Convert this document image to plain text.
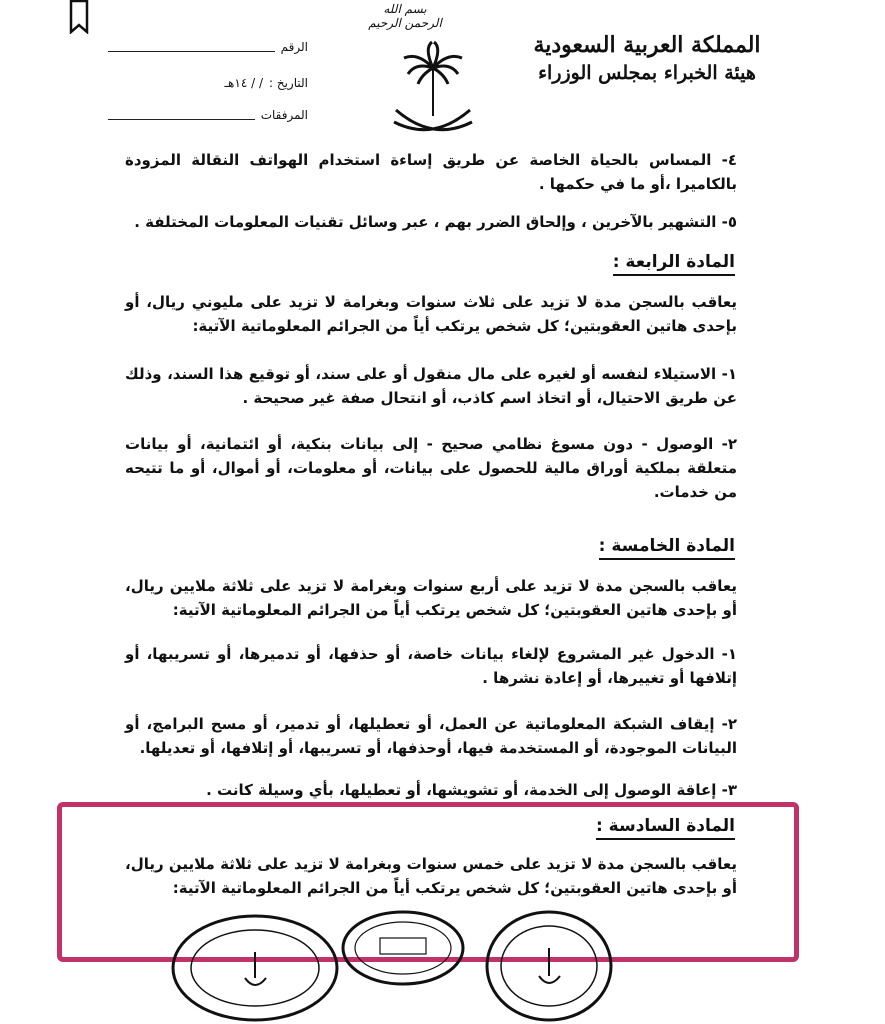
بسم الله الرحمن الرحيم
المملكة العربية السعودية
هيئة الخبراء بمجلس الوزراء
الرقم
التاريخ :
/ / ١٤هـ
المرفقات
٤- المساس بالحياة الخاصة عن طريق إساءة استخدام الهواتف النقالة المزودة بالكاميرا ،أو ما في حكمها .
٥- التشهير بالآخرين ، وإلحاق الضرر بهم ، عبر وسائل تقنيات المعلومات المختلفة .
المادة الرابعة :
يعاقب بالسجن مدة لا تزيد على ثلاث سنوات وبغرامة لا تزيد على مليوني ريال، أو بإحدى هاتين العقوبتين؛ كل شخص يرتكب أياً من الجرائم المعلوماتية الآتية:
١- الاستيلاء لنفسه أو لغيره على مال منقول أو على سند، أو توقيع هذا السند، وذلك عن طريق الاحتيال، أو اتخاذ اسم كاذب، أو انتحال صفة غير صحيحة .
٢- الوصول - دون مسوغ نظامي صحيح - إلى بيانات بنكية، أو ائتمانية، أو بيانات متعلقة بملكية أوراق مالية للحصول على بيانات، أو معلومات، أو أموال، أو ما تتيحه من خدمات.
المادة الخامسة :
يعاقب بالسجن مدة لا تزيد على أربع سنوات وبغرامة لا تزيد على ثلاثة ملايين ريال، أو بإحدى هاتين العقوبتين؛ كل شخص يرتكب أياً من الجرائم المعلوماتية الآتية:
١- الدخول غير المشروع لإلغاء بيانات خاصة، أو حذفها، أو تدميرها، أو تسريبها، أو إتلافها أو تغييرها، أو إعادة نشرها .
٢- إيقاف الشبكة المعلوماتية عن العمل، أو تعطيلها، أو تدمير، أو مسح البرامج، أو البيانات الموجودة، أو المستخدمة فيها، أوحذفها، أو تسريبها، أو إتلافها، أو تعديلها.
٣- إعاقة الوصول إلى الخدمة، أو تشويشها، أو تعطيلها، بأي وسيلة كانت .
المادة السادسة :
يعاقب بالسجن مدة لا تزيد على خمس سنوات وبغرامة لا تزيد على ثلاثة ملايين ريال، أو بإحدى هاتين العقوبتين؛ كل شخص يرتكب أياً من الجرائم المعلوماتية الآتية:
